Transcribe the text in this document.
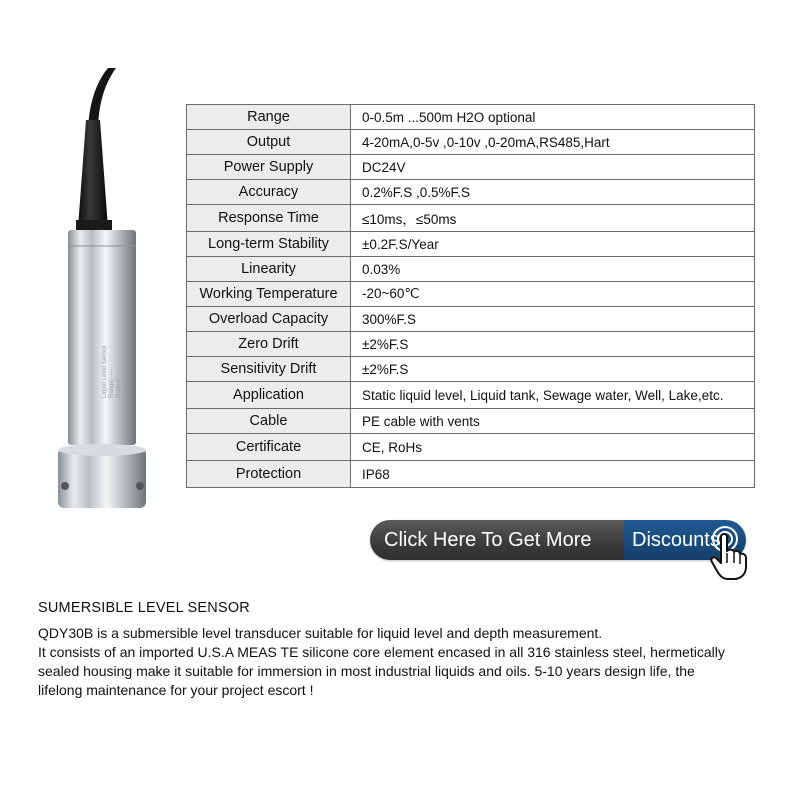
Liquid Level Sensor Range: ---- Output: ----
Range	0-0.5m ...500m H2O optional
Output	4-20mA,0-5v ,0-10v ,0-20mA,RS485,Hart
Power Supply	DC24V
Accuracy	0.2%F.S ,0.5%F.S
Response Time	≤10ms，≤50ms
Long-term Stability	±0.2F.S/Year
Linearity	0.03%
Working Temperature	-20~60℃
Overload Capacity	300%F.S
Zero Drift	±2%F.S
Sensitivity Drift	±2%F.S
Application	Static liquid level, Liquid tank, Sewage water, Well, Lake,etc.
Cable	PE cable with vents
Certificate	CE, RoHs
Protection	IP68
Click Here To Get More	Discounts
SUMERSIBLE LEVEL SENSOR

QDY30B is a submersible level transducer suitable for liquid level and depth measurement.

It consists of an imported U.S.A MEAS TE silicone core element encased in all 316 stainless steel, hermetically sealed housing make it suitable for immersion in most industrial liquids and oils. 5-10 years design life, the lifelong maintenance for your project escort !
